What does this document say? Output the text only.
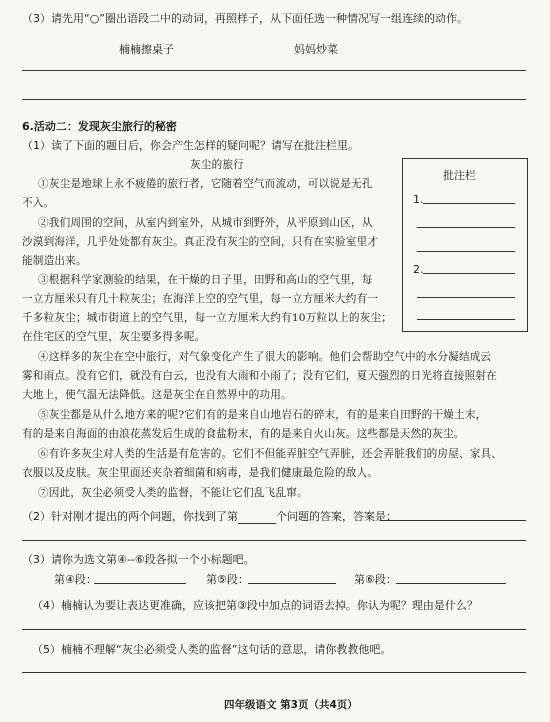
（3）请先用“○”圈出语段二中的动词，再照样子，从下面任选一种情况写一组连续的动作。
楠楠擦桌子	妈妈炒菜
6.活动二：发现灰尘旅行的秘密
（1）读了下面的题目后，你会产生怎样的疑问呢？请写在批注栏里。
灰尘的旅行
①灰尘是地球上永不疲倦的旅行者，它随着空气而流动，可以说是无孔
不入。
②我们周围的空间，从室内到室外，从城市到野外，从平原到山区，从
沙漠到海洋，几乎处处都有灰尘。真正没有灰尘的空间，只有在实验室里才
能制造出来。
③根据科学家测验的结果，在干燥的日子里，田野和高山的空气里，每
一立方厘米只有几十粒灰尘；在海洋上空的空气里，每一立方厘米大约有一
千多粒灰尘；城市街道上的空气里，每一立方厘米大约有10万粒以上的灰尘；
在住宅区的空气里，灰尘要多得多呢。
④这样多的灰尘在空中旅行，对气象变化产生了很大的影响。他们会帮助空气中的水分凝结成云
雾和雨点。没有它们，就没有白云，也没有大雨和小雨了；没有它们，夏天强烈的日光将直接照射在
大地上，使气温无法降低。这是灰尘在自然界中的功用。
⑤灰尘都是从什么地方来的呢?它们有的是来自山地岩石的碎末，有的是来自田野的干燥土末，
有的是来自海面的由浪花蒸发后生成的食盐粉末，有的是来自火山灰。这些都是天然的灰尘。
⑥有许多灰尘对人类的生活是有危害的。它们不但能弄脏空气弄脏，还会弄脏我们的房屋、家具、
衣服以及皮肤。灰尘里面还夹杂着细菌和病毒，是我们健康最危险的敌人。
⑦因此，灰尘必须受人类的监督，不能让它们乱飞乱窜。
批注栏
1.
2.
（2）针对刚才提出的两个问题，你找到了第	个问题的答案，答案是：
（3）请你为选文第④--⑥段各拟一个小标题吧。
第④段：	第⑤段：	第⑥段：
（4）楠楠认为要让表达更准确，应该把第③段中加点的词语去掉。你认为呢？理由是什么？
（5）楠楠不理解“灰尘必须受人类的监督”这句话的意思，请你教教他吧。
四年级语文 第3页（共4页）
